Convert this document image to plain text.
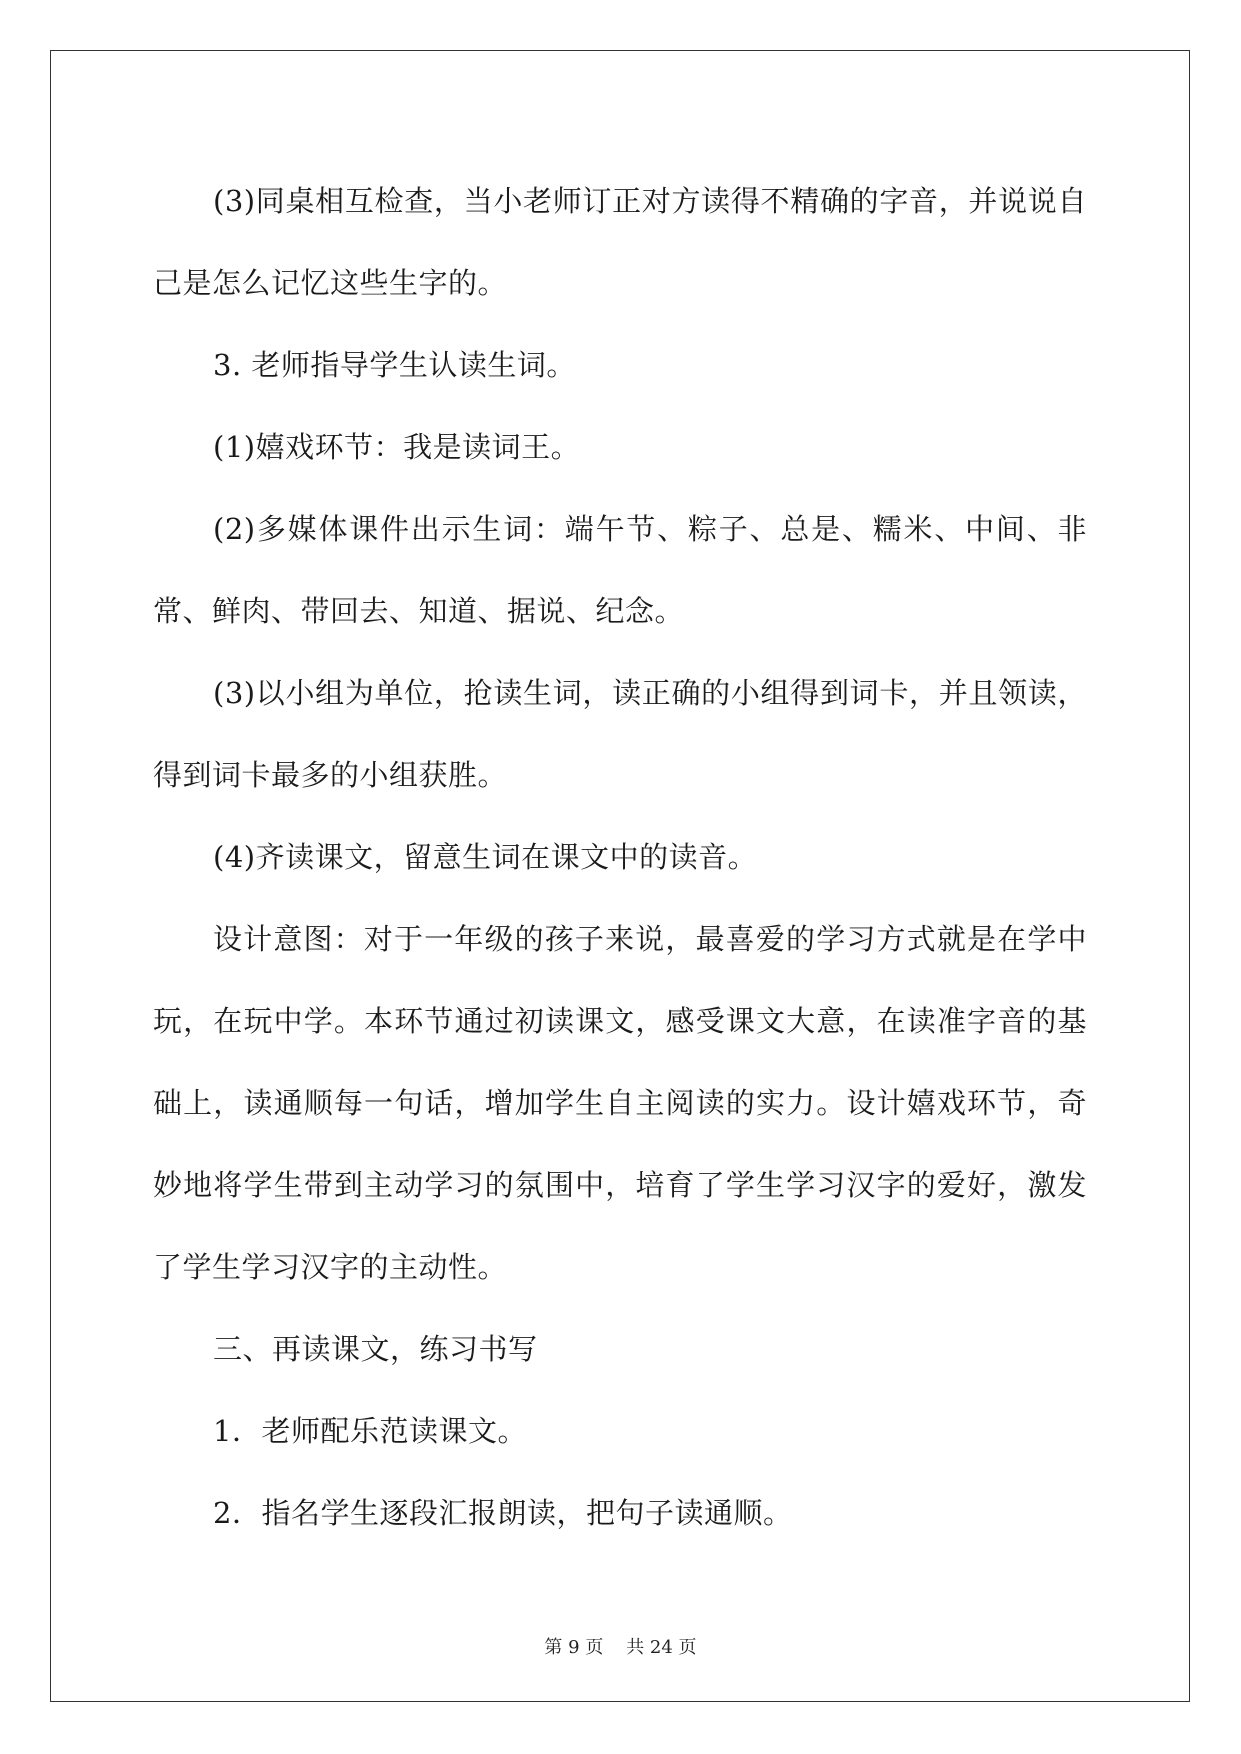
(3)同桌相互检查，当小老师订正对方读得不精确的字音，并说说自己是怎么记忆这些生字的。

3. 老师指导学生认读生词。

(1)嬉戏环节：我是读词王。

(2)多媒体课件出示生词：端午节、粽子、总是、糯米、中间、非常、鲜肉、带回去、知道、据说、纪念。

(3)以小组为单位，抢读生词，读正确的小组得到词卡，并且领读，得到词卡最多的小组获胜。

(4)齐读课文，留意生词在课文中的读音。

设计意图：对于一年级的孩子来说，最喜爱的学习方式就是在学中玩，在玩中学。本环节通过初读课文，感受课文大意，在读准字音的基础上，读通顺每一句话，增加学生自主阅读的实力。设计嬉戏环节，奇妙地将学生带到主动学习的氛围中，培育了学生学习汉字的爱好，激发了学生学习汉字的主动性。

三、再读课文，练习书写

1．老师配乐范读课文。

2．指名学生逐段汇报朗读，把句子读通顺。

第 9 页    共 24 页
